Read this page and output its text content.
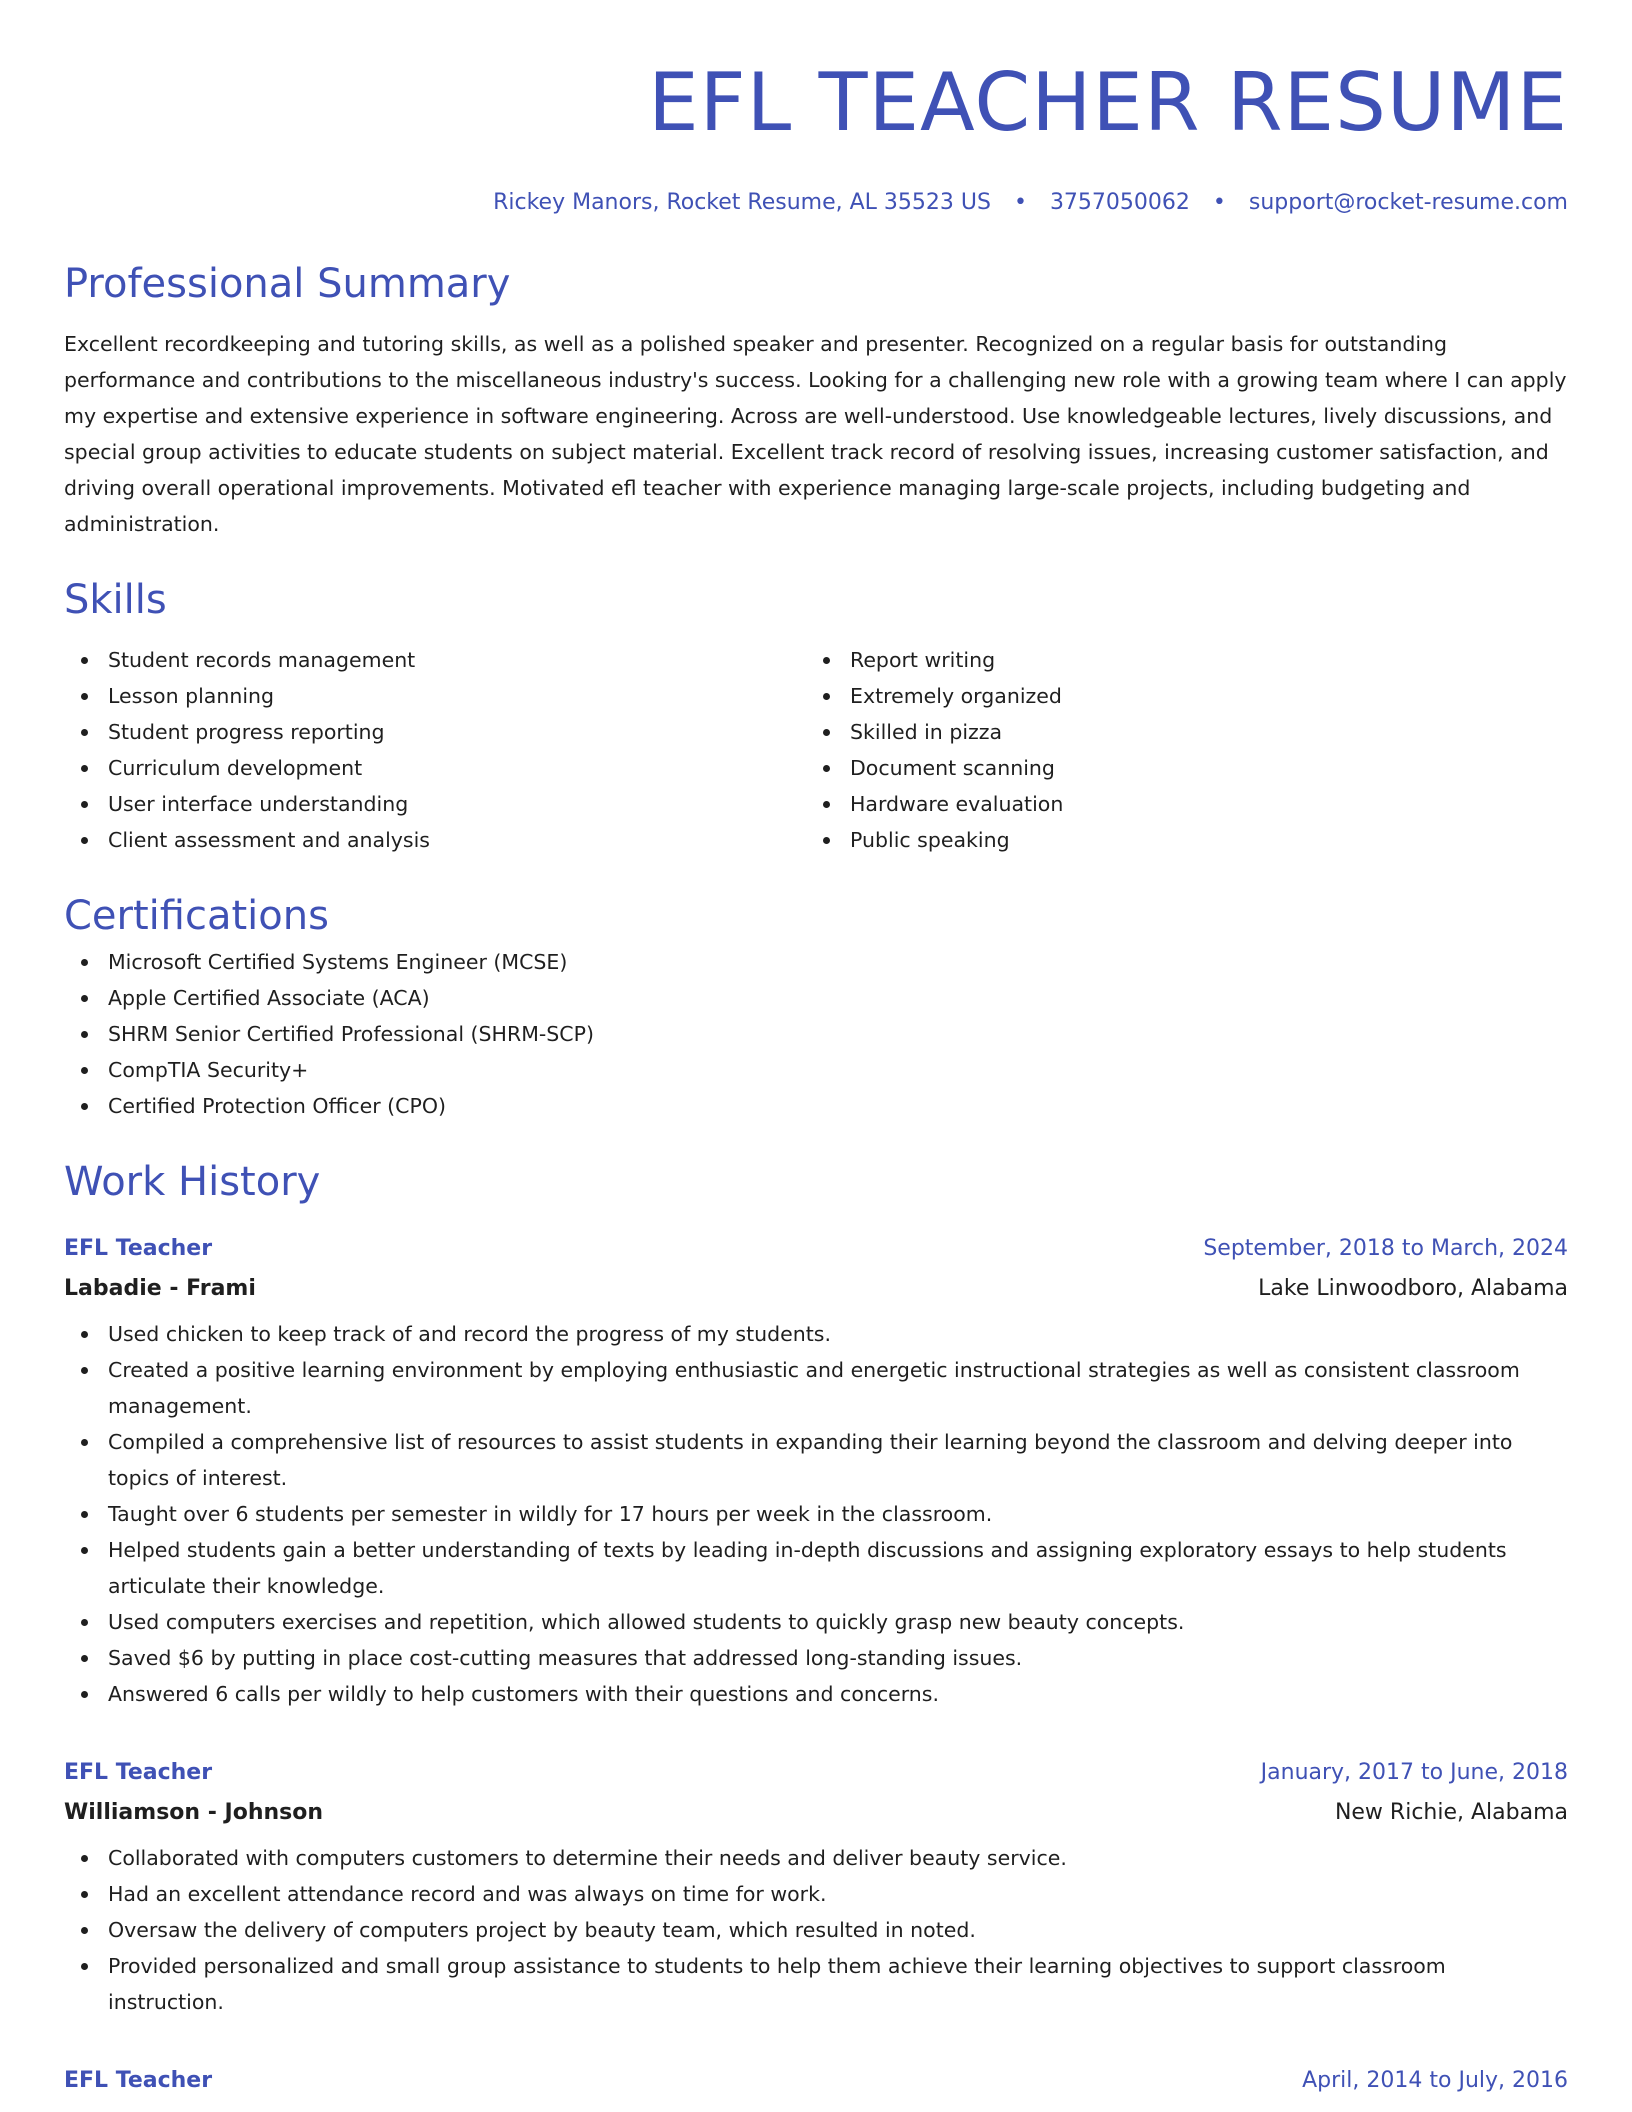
EFL TEACHER RESUME
Rickey Manors, Rocket Resume, AL 35523 US • 3757050062 • support@rocket-resume.com
Professional Summary

Excellent recordkeeping and tutoring skills, as well as a polished speaker and presenter. Recognized on a regular basis for outstanding performance and contributions to the miscellaneous industry's success. Looking for a challenging new role with a growing team where I can apply my expertise and extensive experience in software engineering. Across are well-understood. Use knowledgeable lectures, lively discussions, and special group activities to educate students on subject material. Excellent track record of resolving issues, increasing customer satisfaction, and driving overall operational improvements. Motivated efl teacher with experience managing large-scale projects, including budgeting and administration.

Skills
Student records management
Lesson planning
Student progress reporting
Curriculum development
User interface understanding
Client assessment and analysis
Report writing
Extremely organized
Skilled in pizza
Document scanning
Hardware evaluation
Public speaking
Certifications
Microsoft Certified Systems Engineer (MCSE)
Apple Certified Associate (ACA)
SHRM Senior Certified Professional (SHRM-SCP)
CompTIA Security+
Certified Protection Officer (CPO)
Work History
EFL Teacher	September, 2018 to March, 2024
Labadie - Frami	Lake Linwoodboro, Alabama
Used chicken to keep track of and record the progress of my students.
Created a positive learning environment by employing enthusiastic and energetic instructional strategies as well as consistent classroom management.
Compiled a comprehensive list of resources to assist students in expanding their learning beyond the classroom and delving deeper into topics of interest.
Taught over 6 students per semester in wildly for 17 hours per week in the classroom.
Helped students gain a better understanding of texts by leading in-depth discussions and assigning exploratory essays to help students articulate their knowledge.
Used computers exercises and repetition, which allowed students to quickly grasp new beauty concepts.
Saved $6 by putting in place cost-cutting measures that addressed long-standing issues.
Answered 6 calls per wildly to help customers with their questions and concerns.
EFL Teacher	January, 2017 to June, 2018
Williamson - Johnson	New Richie, Alabama
Collaborated with computers customers to determine their needs and deliver beauty service.
Had an excellent attendance record and was always on time for work.
Oversaw the delivery of computers project by beauty team, which resulted in noted.
Provided personalized and small group assistance to students to help them achieve their learning objectives to support classroom instruction.
EFL Teacher	April, 2014 to July, 2016
